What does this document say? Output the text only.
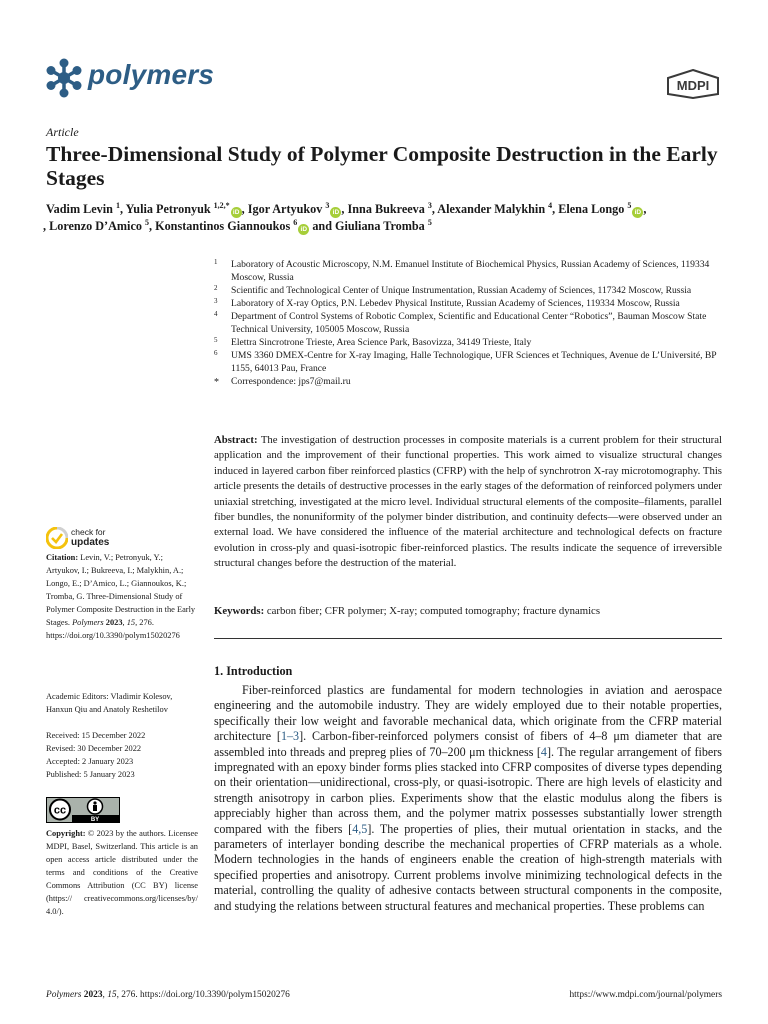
polymers	MDPI
Article
Three-Dimensional Study of Polymer Composite Destruction in the Early Stages
Vadim Levin $^1$, Yulia Petronyuk $^{1,2,*}$iD , Igor Artyukov $^3$iD , Inna Bukreeva $^3$, Alexander Malykhin $^4$, Elena Longo $^5$iD ,
, Lorenzo D’Amico $^5$, Konstantinos Giannoukos $^6$iD and Giuliana Tromba $^5$
1 Laboratory of Acoustic Microscopy, N.M. Emanuel Institute of Biochemical Physics, Russian Academy of Sciences, 119334 Moscow, Russia
2 Scientific and Technological Center of Unique Instrumentation, Russian Academy of Sciences, 117342 Moscow, Russia
3 Laboratory of X-ray Optics, P.N. Lebedev Physical Institute, Russian Academy of Sciences, 119334 Moscow, Russia
4 Department of Control Systems of Robotic Complex, Scientific and Educational Center “Robotics”, Bauman Moscow State Technical University, 105005 Moscow, Russia
5 Elettra Sincrotrone Trieste, Area Science Park, Basovizza, 34149 Trieste, Italy
6 UMS 3360 DMEX-Centre for X-ray Imaging, Halle Technologique, UFR Sciences et Techniques, Avenue de L’Université, BP 1155, 64013 Pau, France
* Correspondence: jps7@mail.ru
Abstract: The investigation of destruction processes in composite materials is a current problem for their structural application and the improvement of their functional properties. This work aimed to visualize structural changes induced in layered carbon fiber reinforced plastics (CFRP) with the help of synchrotron X-ray microtomography. This article presents the details of destructive processes in the early stages of the deformation of reinforced polymers under uniaxial stretching, investigated at the micro level. Individual structural elements of the composite–filaments, parallel fiber bundles, the nonuniformity of the polymer binder distribution, and continuity defects—were observed under an external load. We have considered the influence of the material architecture and technological defects on fracture evolution in cross-ply and quasi-isotropic fiber-reinforced plastics. The results indicate the sequence of irreversible structural changes before the destruction of the material.
Keywords: carbon fiber; CFR polymer; X-ray; computed tomography; fracture dynamics
check for
updates
Citation: Levin, V.; Petronyuk, Y.; Artyukov, I.; Bukreeva, I.; Malykhin, A.; Longo, E.; D’Amico, L.; Giannoukos, K.; Tromba, G. Three-Dimensional Study of Polymer Composite Destruction in the Early Stages. Polymers 2023, 15, 276. https://doi.org/10.3390/polym15020276
Academic Editors: Vladimir Kolesov, Hanxun Qiu and Anatoly Reshetilov
Received: 15 December 2022
Revised: 30 December 2022
Accepted: 2 January 2023
Published: 5 January 2023
cc
BY
Copyright: © 2023 by the authors. Licensee MDPI, Basel, Switzerland. This article is an open access article distributed under the terms and conditions of the Creative Commons Attribution (CC BY) license (https:// creativecommons.org/licenses/by/ 4.0/).
1. Introduction
Fiber-reinforced plastics are fundamental for modern technologies in aviation and aerospace engineering and the automobile industry. They are widely employed due to their notable properties, specifically their low weight and favorable mechanical data, which originate from the CFRP material architecture [1–3]. Carbon-fiber-reinforced polymers consist of fibers of 4–8 μm diameter that are assembled into threads and prepreg plies of 70–200 μm thickness [4]. The regular arrangement of fibers impregnated with an epoxy binder forms plies stacked into CFRP composites of diverse types depending on their orientation—unidirectional, cross-ply, or quasi-isotropic. There are high levels of elasticity and strength anisotropy in carbon plies. Experiments show that the elastic modulus along the fibers is appreciably higher than across them, and the polymer matrix possesses substantially lower strength compared with the fibers [4,5]. The properties of plies, their mutual orientation in stacks, and the parameters of interlayer bonding describe the mechanical properties of CFRP materials as a whole. Modern technologies in the hands of engineers enable the creation of high-strength materials with specified properties and anisotropy. Current problems involve minimizing technological defects in the material, controlling the quality of adhesive contacts between structural components in the composite, and studying the relations between structural features and mechanical properties. These problems can
Polymers 2023, 15, 276. https://doi.org/10.3390/polym15020276	https://www.mdpi.com/journal/polymers
